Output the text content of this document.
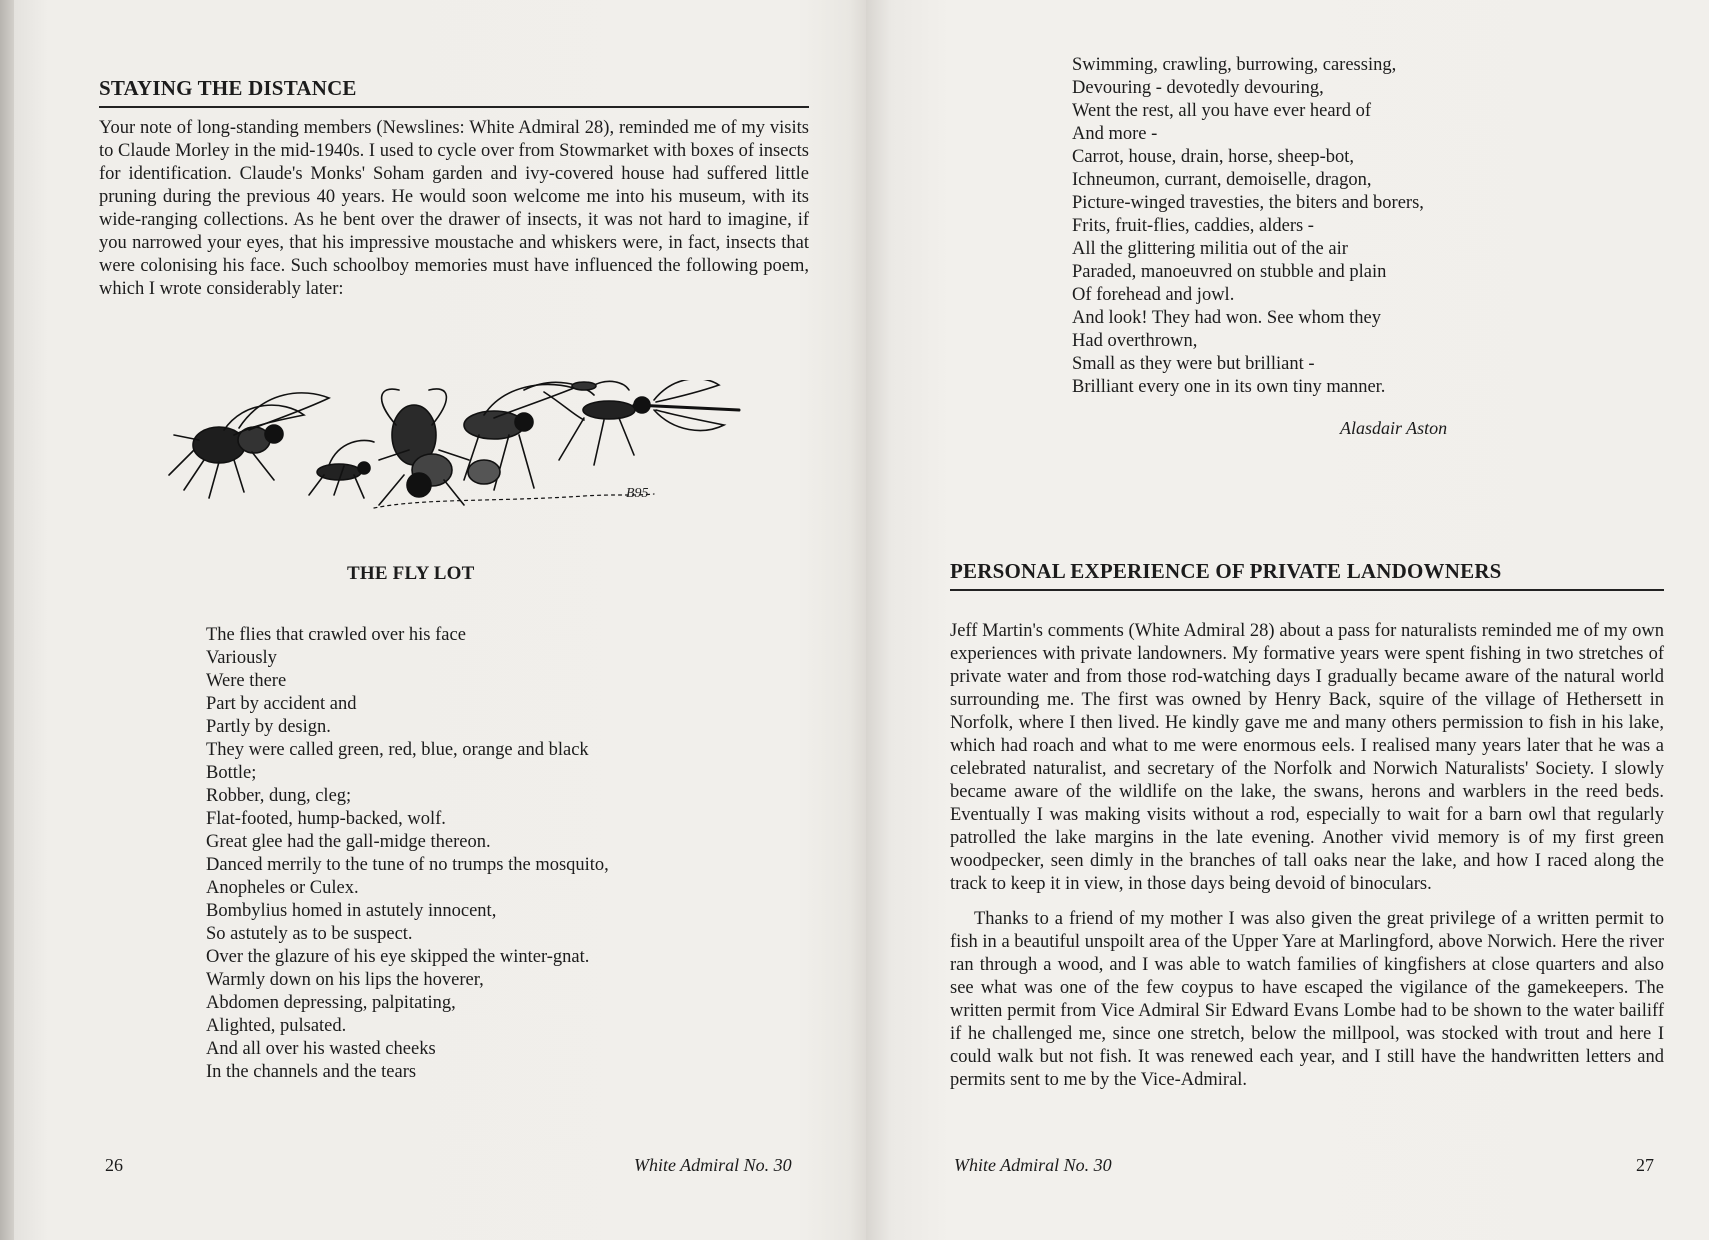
STAYING THE DISTANCE

Your note of long-standing members (Newslines: White Admiral 28), reminded me of my visits to Claude Morley in the mid-1940s. I used to cycle over from Stowmarket with boxes of insects for identification. Claude's Monks' Soham garden and ivy-covered house had suffered little pruning during the previous 40 years. He would soon welcome me into his museum, with its wide-ranging collections. As he bent over the drawer of insects, it was not hard to imagine, if you narrowed your eyes, that his impressive moustache and whiskers were, in fact, insects that were colonising his face. Such schoolboy memories must have influenced the following poem, which I wrote considerably later:

B95
THE FLY LOT
The flies that crawled over his face
Variously
Were there
Part by accident and
Partly by design.
They were called green, red, blue, orange and black
Bottle;
Robber, dung, cleg;
Flat-footed, hump-backed, wolf.
Great glee had the gall-midge thereon.
Danced merrily to the tune of no trumps the mosquito,
Anopheles or Culex.
Bombylius homed in astutely innocent,
So astutely as to be suspect.
Over the glazure of his eye skipped the winter-gnat.
Warmly down on his lips the hoverer,
Abdomen depressing, palpitating,
Alighted, pulsated.
And all over his wasted cheeks
In the channels and the tears
26	White Admiral No. 30
Swimming, crawling, burrowing, caressing,
Devouring - devotedly devouring,
Went the rest, all you have ever heard of
And more -
Carrot, house, drain, horse, sheep-bot,
Ichneumon, currant, demoiselle, dragon,
Picture-winged travesties, the biters and borers,
Frits, fruit-flies, caddies, alders -
All the glittering militia out of the air
Paraded, manoeuvred on stubble and plain
Of forehead and jowl.
And look! They had won. See whom they
Had overthrown,
Small as they were but brilliant -
Brilliant every one in its own tiny manner.
Alasdair Aston
PERSONAL EXPERIENCE OF PRIVATE LANDOWNERS

Jeff Martin's comments (White Admiral 28) about a pass for naturalists reminded me of my own experiences with private landowners. My formative years were spent fishing in two stretches of private water and from those rod-watching days I gradually became aware of the natural world surrounding me. The first was owned by Henry Back, squire of the village of Hethersett in Norfolk, where I then lived. He kindly gave me and many others permission to fish in his lake, which had roach and what to me were enormous eels. I realised many years later that he was a celebrated naturalist, and secretary of the Norfolk and Norwich Naturalists' Society. I slowly became aware of the wildlife on the lake, the swans, herons and warblers in the reed beds. Eventually I was making visits without a rod, especially to wait for a barn owl that regularly patrolled the lake margins in the late evening. Another vivid memory is of my first green woodpecker, seen dimly in the branches of tall oaks near the lake, and how I raced along the track to keep it in view, in those days being devoid of binoculars.

Thanks to a friend of my mother I was also given the great privilege of a written permit to fish in a beautiful unspoilt area of the Upper Yare at Marlingford, above Norwich. Here the river ran through a wood, and I was able to watch families of kingfishers at close quarters and also see what was one of the few coypus to have escaped the vigilance of the gamekeepers. The written permit from Vice Admiral Sir Edward Evans Lombe had to be shown to the water bailiff if he challenged me, since one stretch, below the millpool, was stocked with trout and here I could walk but not fish. It was renewed each year, and I still have the handwritten letters and permits sent to me by the Vice-Admiral.

White Admiral No. 30	27
